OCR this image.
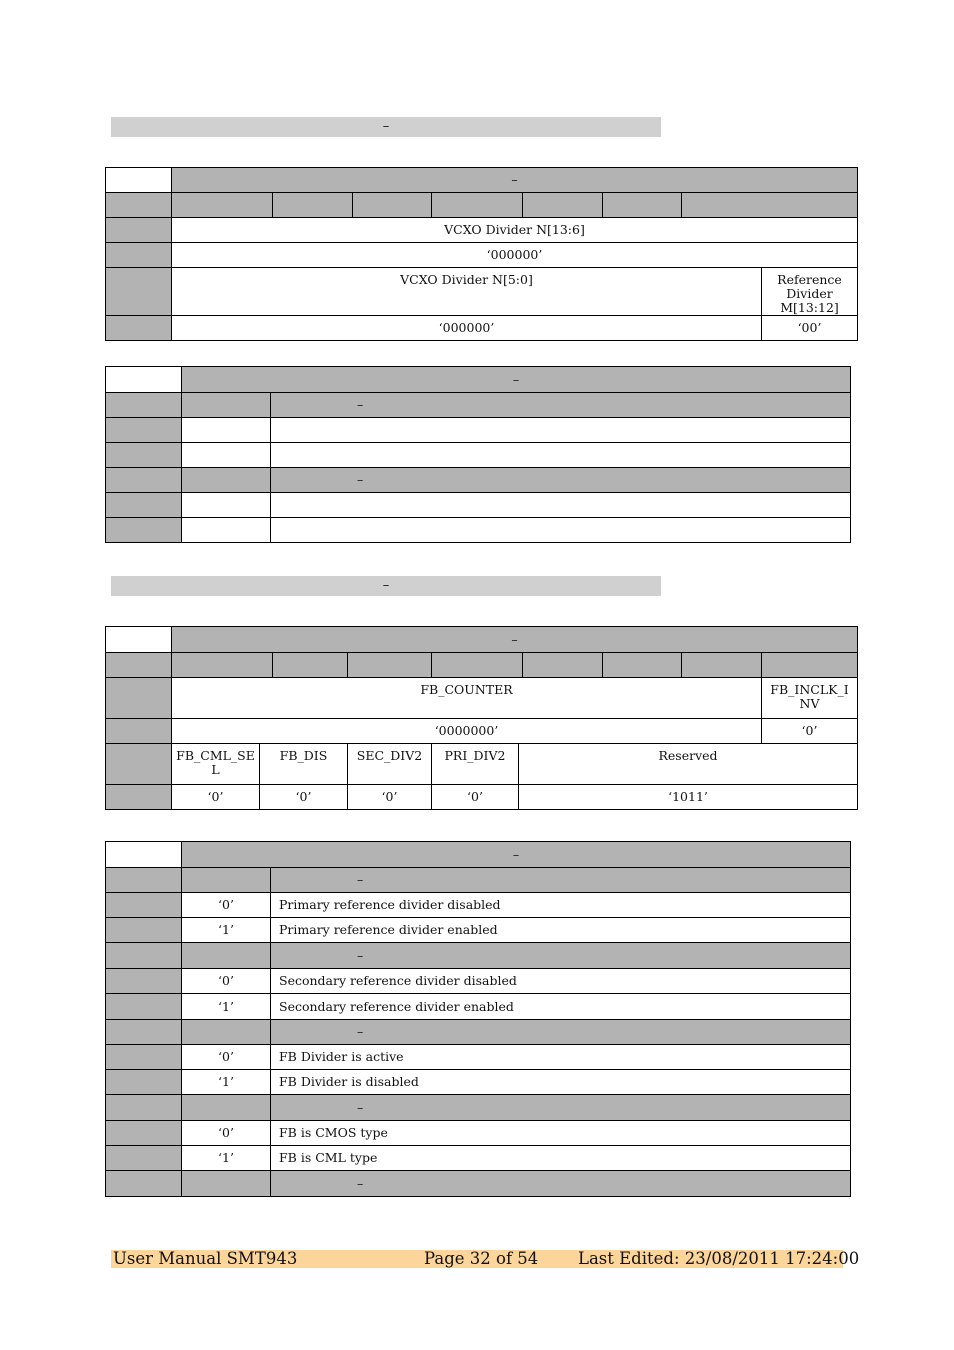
–
	–							

	VCXO Divider N[13:6]							
	‘000000’							
	VCXO Divider N[5:0]							Reference Divider M[13:12]
	‘000000’							‘00’
	–	
		–

		–

–
	–									

	FB_COUNTER									FB_INCLK_INV
	‘0000000’									‘0’
	FB_CML_SEL	FB_DIS		SEC_DIV2	PRI_DIV2	Reserved				
	‘0’	‘0’		‘0’	‘0’	‘1011’				
	–	
		–
	‘0’	Primary reference divider disabled
	‘1’	Primary reference divider enabled
		–
	‘0’	Secondary reference divider disabled
	‘1’	Secondary reference divider enabled
		–
	‘0’	FB Divider is active
	‘1’	FB Divider is disabled
		–
	‘0’	FB is CMOS type
	‘1’	FB is CML type
		–
User Manual SMT943	Page 32 of 54 Last Edited: 23/08/2011 17:24:00
